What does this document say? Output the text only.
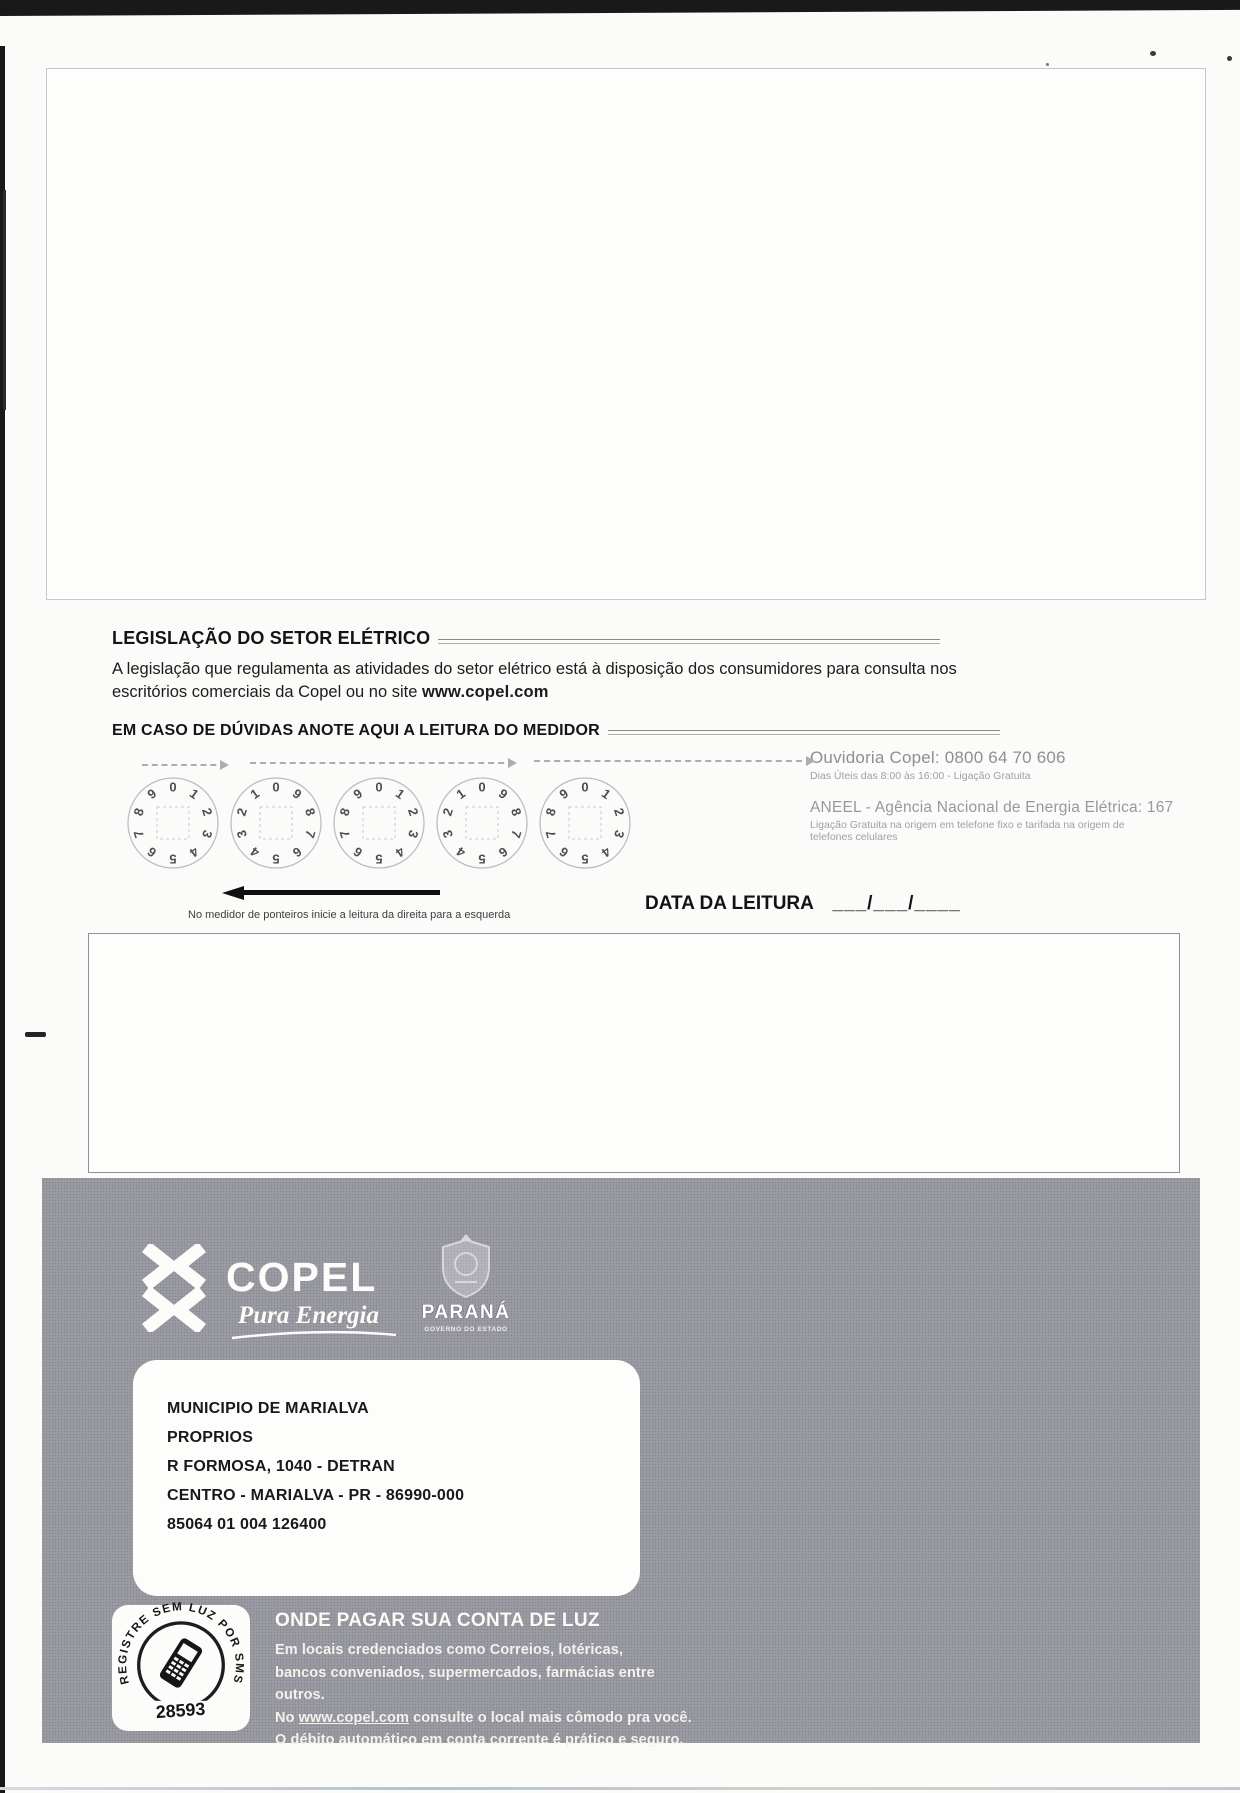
LEGISLAÇÃO DO SETOR ELÉTRICO
A legislação que regulamenta as atividades do setor elétrico está à disposição dos consumidores para consulta nos
escritórios comerciais da Copel ou no site www.copel.com
EM CASO DE DÚVIDAS ANOTE AQUI A LEITURA DO MEDIDOR
Ouvidoria Copel: 0800 64 70 606
Dias Úteis das 8:00 às 16:00 - Ligação Gratuita
ANEEL - Agência Nacional de Energia Elétrica: 167
Ligação Gratuita na origem em telefone fixo e tarifada na origem de
telefones celulares
0 1
2
3
4
5
6
7
8
9	0
1
2
3
4 5 6
7
8
9	0 1
2
3
4
5
6
7
8
9	0
1
2
3
4 5 6
7
8
9	0 1
2
3
4
5
6
7
8
9
No medidor de ponteiros inicie a leitura da direita para a esquerda
DATA DA LEITURA ___/___/____
COPEL
Pura Energia	PARANÁ
GOVERNO DO ESTADO
MUNICIPIO DE MARIALVA
PROPRIOS
R FORMOSA, 1040 - DETRAN
CENTRO - MARIALVA - PR - 86990-000
85064 01 004 126400
REGISTRE SEM LUZ POR SMS
28593
ONDE PAGAR SUA CONTA DE LUZ
Em locais credenciados como Correios, lotéricas,
bancos conveniados, supermercados, farmácias entre outros.
No www.copel.com consulte o local mais cômodo pra você.
O débito automático em conta corrente é prático e seguro.
